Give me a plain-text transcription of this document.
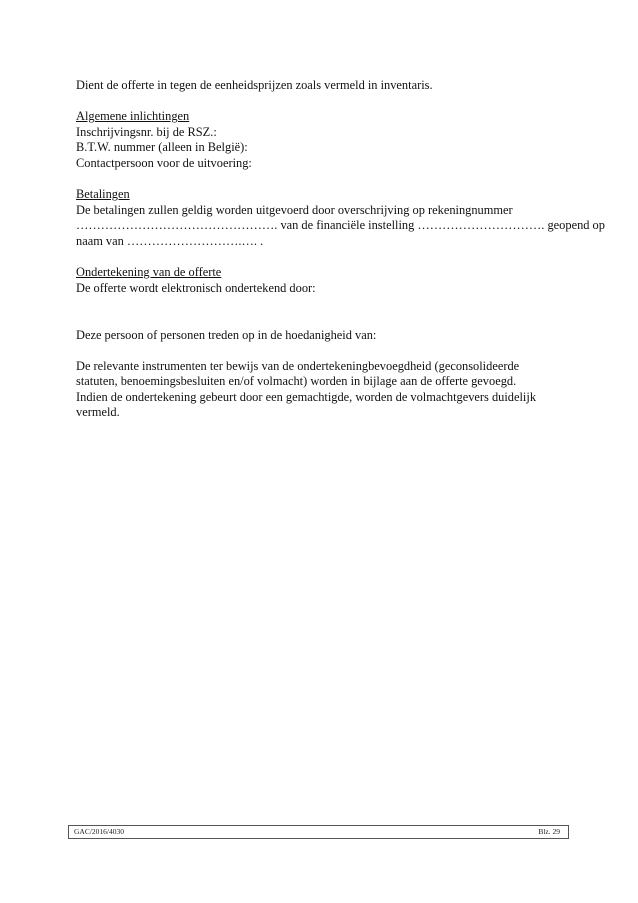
Dient de offerte in tegen de eenheidsprijzen zoals vermeld in inventaris.
Algemene inlichtingen
Inschrijvingsnr. bij de RSZ.:
B.T.W. nummer (alleen in België):
Contactpersoon voor de uitvoering:
Betalingen
De betalingen zullen geldig worden uitgevoerd door overschrijving op rekeningnummer
…………………………………………. van de financiële instelling …………………………. geopend op
naam van ……………………….…. .
Ondertekening van de offerte
De offerte wordt elektronisch ondertekend door:
Deze persoon of personen treden op in de hoedanigheid van:
De relevante instrumenten ter bewijs van de ondertekeningbevoegdheid (geconsolideerde
statuten, benoemingsbesluiten en/of volmacht) worden in bijlage aan de offerte gevoegd.
Indien de ondertekening gebeurt door een gemachtigde, worden de volmachtgevers duidelijk
vermeld.
GAC/2016/4030	Blz. 29
